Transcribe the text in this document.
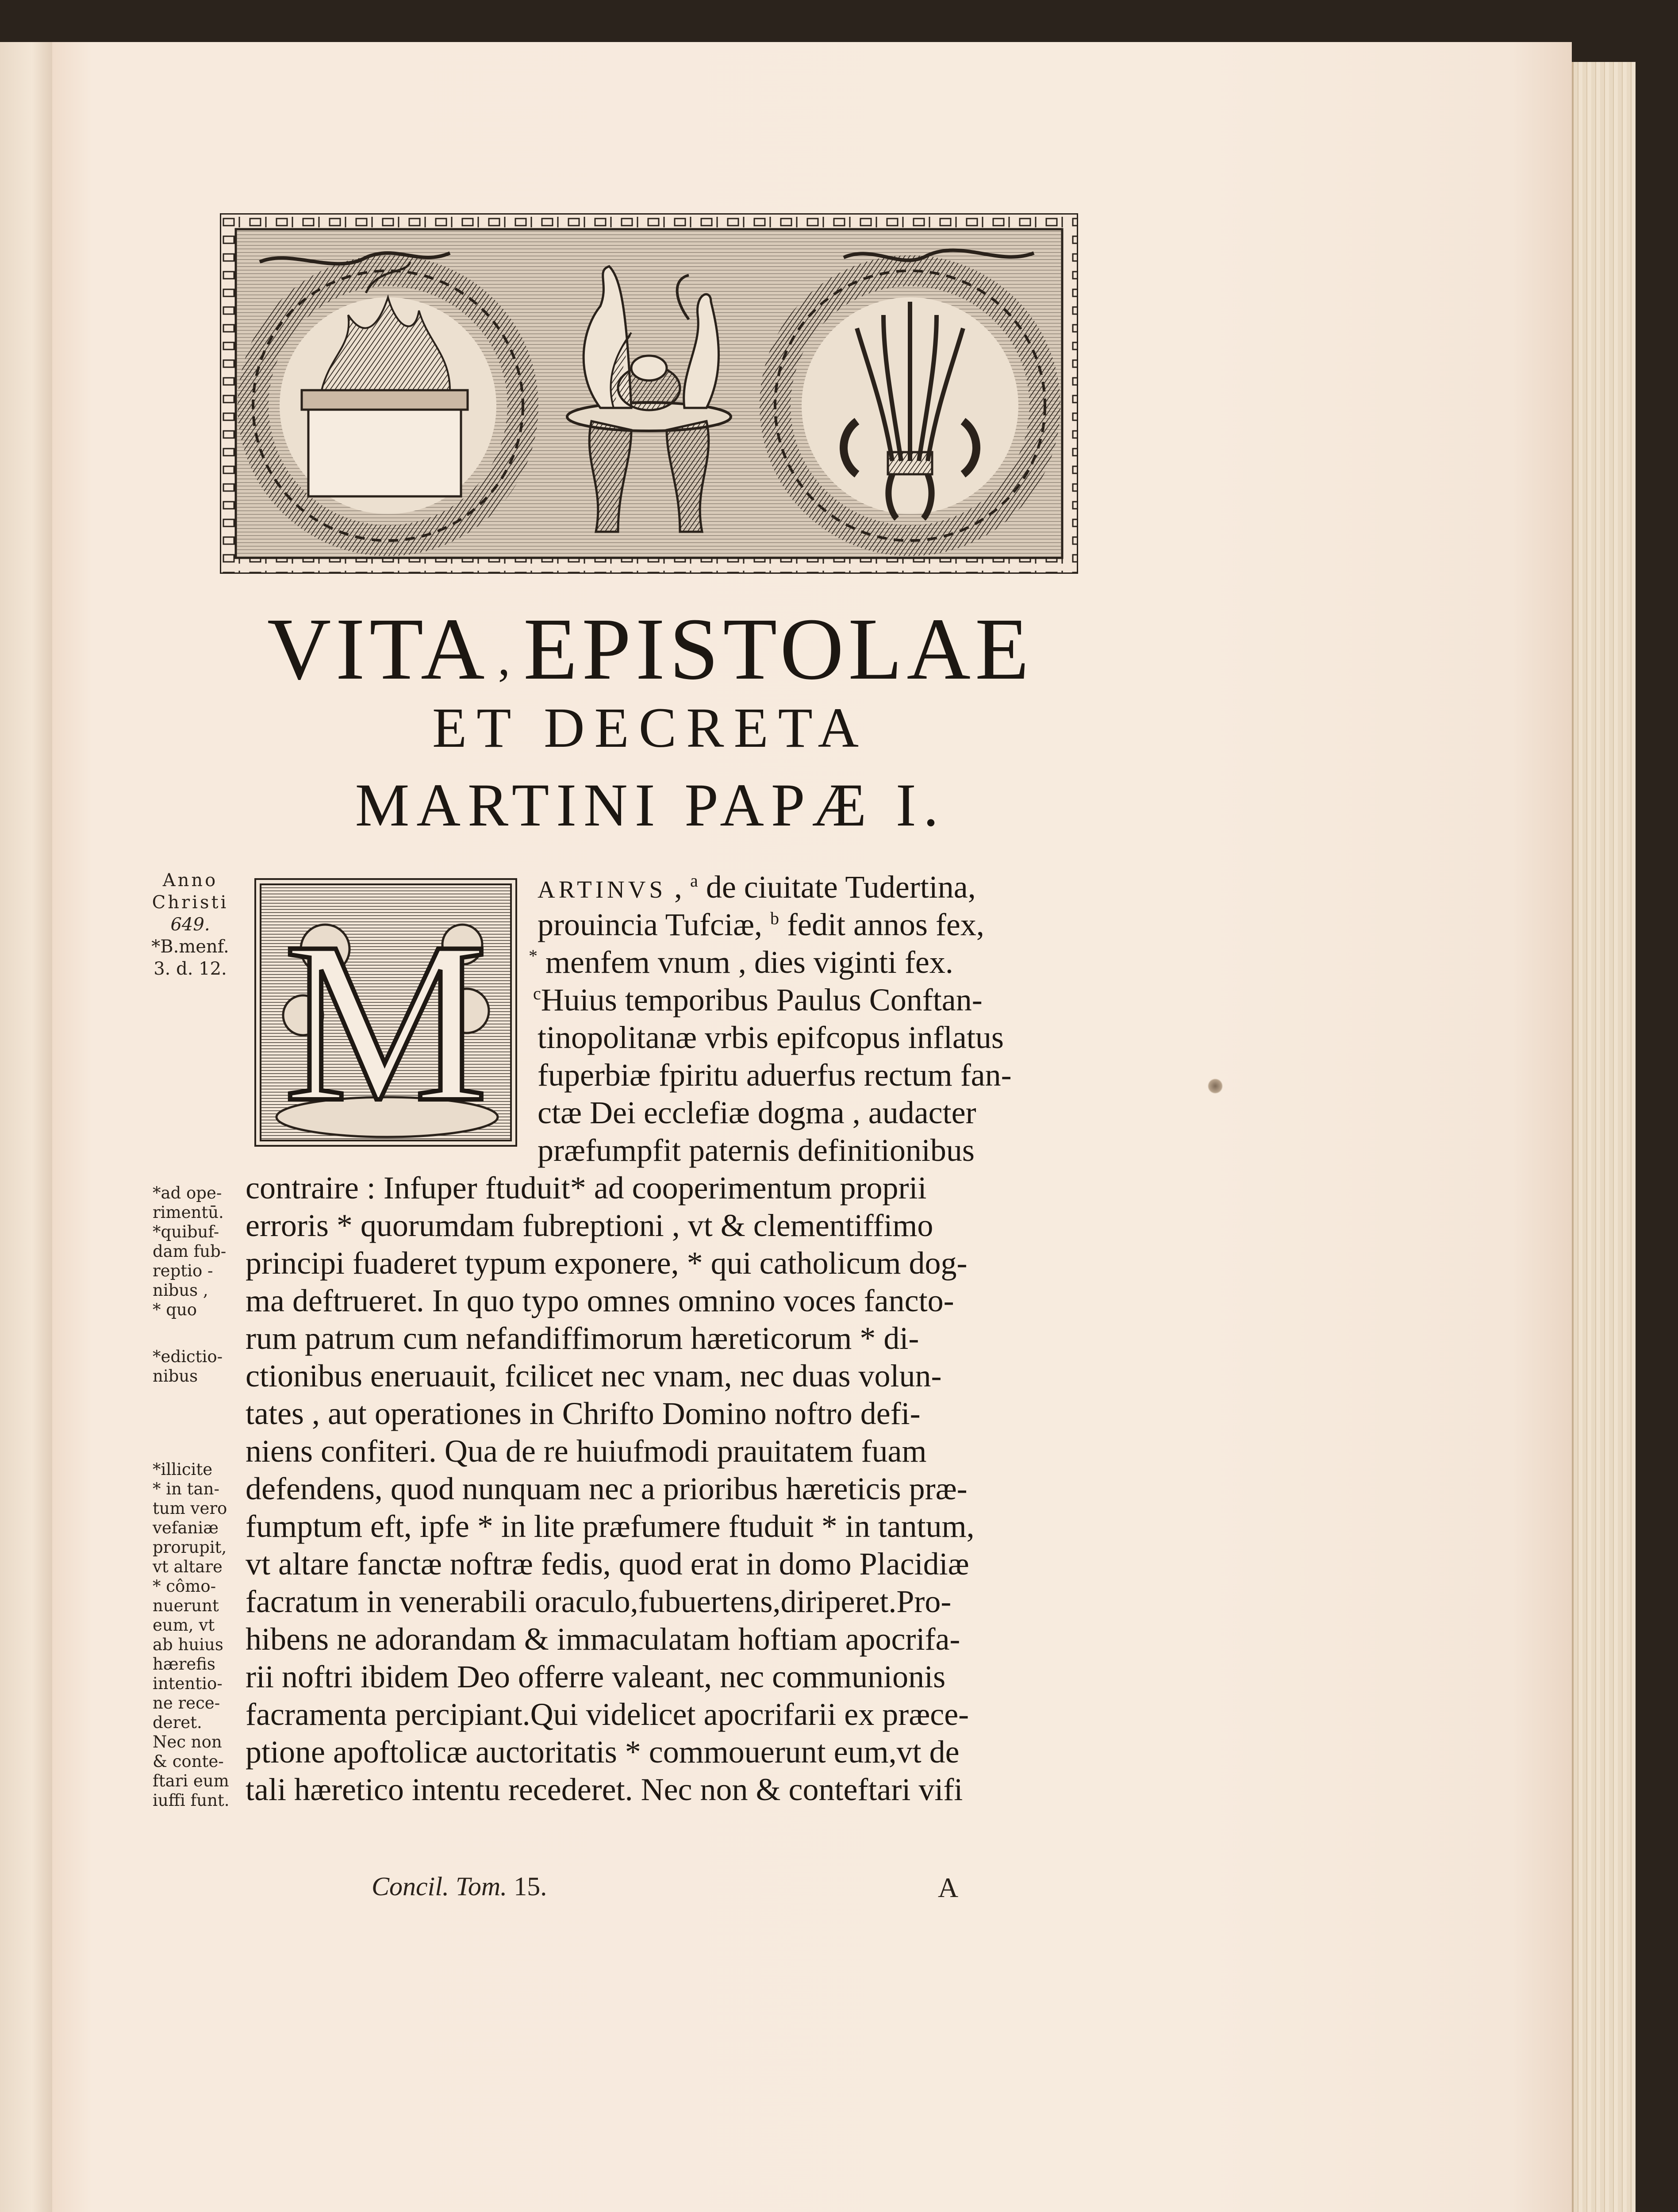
VITA , EPISTOLAE
ET DECRETA
MARTINI PAPÆ I.
Anno
Christi
649.
*B.menf.
3. d. 12.
*ad ope-
rimentū.
*quibuf-
dam fub-
reptio -
nibus ,
* quo
*edictio-
nibus
*illicite
* in tan-
tum vero
vefaniæ
prorupit,
vt altare
* cômo-
nuerunt
eum, vt
ab huius
hærefis
intentio-
ne rece-
deret.
Nec non
& conte-
ftari eum
iuffi funt.
M
ARTINVS , $^a$ de ciuitate Tudertina,
prouincia Tufciæ, $^b$ fedit annos fex,
* menfem vnum , dies viginti fex.
$^c$Huius temporibus Paulus Conftan-
tinopolitanæ vrbis epifcopus inflatus
fuperbiæ fpiritu aduerfus rectum fan-
ctæ Dei ecclefiæ dogma , audacter
præfumpfit paternis definitionibus
contraire : Infuper ftuduit* ad cooperimentum proprii
erroris * quorumdam fubreptioni , vt & clementiffimo
principi fuaderet typum exponere, * qui catholicum dog-
ma deftrueret. In quo typo omnes omnino voces fancto-
rum patrum cum nefandiffimorum hæreticorum * di-
ctionibus eneruauit, fcilicet nec vnam, nec duas volun-
tates , aut operationes in Chrifto Domino noftro defi-
niens confiteri. Qua de re huiufmodi prauitatem fuam
defendens, quod nunquam nec a prioribus hæreticis præ-
fumptum eft, ipfe * in lite præfumere ftuduit * in tantum,
vt altare fanctæ noftræ fedis, quod erat in domo Placidiæ
facratum in venerabili oraculo,fubuertens,diriperet.Pro-
hibens ne adorandam & immaculatam hoftiam apocrifa-
rii noftri ibidem Deo offerre valeant, nec communionis
facramenta percipiant.Qui videlicet apocrifarii ex præce-
ptione apoftolicæ auctoritatis * commouerunt eum,vt de
tali hæretico intentu recederet. Nec non & conteftari vifi
Concil. Tom. 15.	A
